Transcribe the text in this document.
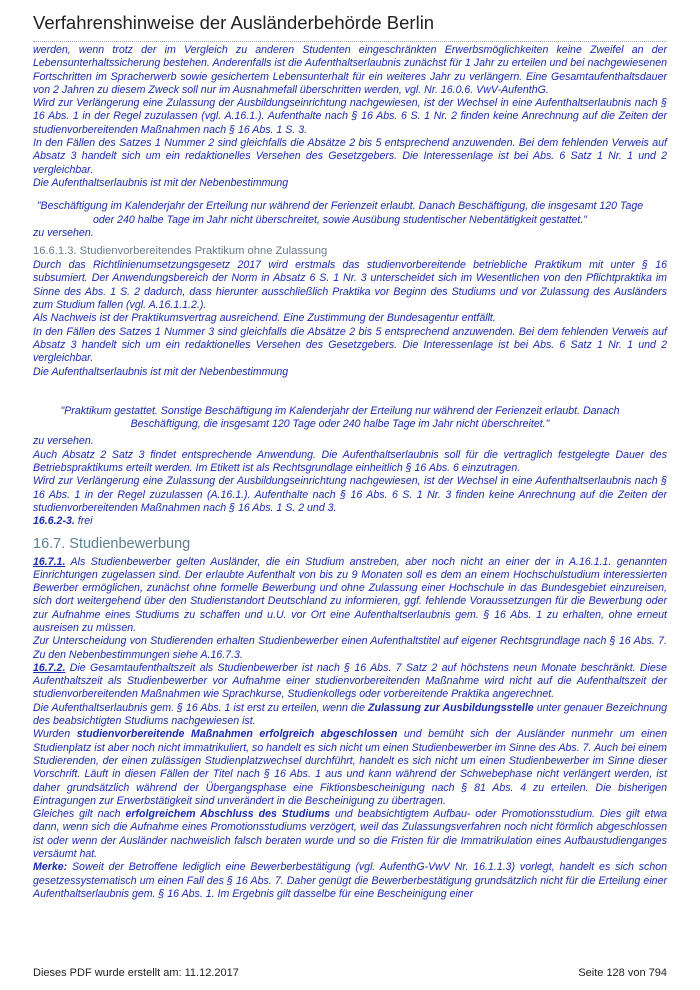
Verfahrenshinweise der Ausländerbehörde Berlin

werden, wenn trotz der im Vergleich zu anderen Studenten eingeschränkten Erwerbsmöglichkeiten keine Zweifel an der Lebensunterhaltssicherung bestehen. Anderenfalls ist die Aufenthaltserlaubnis zunächst für 1 Jahr zu erteilen und bei nachgewiesenen Fortschritten im Spracherwerb sowie gesichertem Lebensunterhalt für ein weiteres Jahr zu verlängern. Eine Gesamtaufenthaltsdauer von 2 Jahren zu diesem Zweck soll nur im Ausnahmefall überschritten werden, vgl. Nr. 16.0.6. VwV-AufenthG.

Wird zur Verlängerung eine Zulassung der Ausbildungseinrichtung nachgewiesen, ist der Wechsel in eine Aufenthaltserlaubnis nach § 16 Abs. 1 in der Regel zuzulassen (vgl. A.16.1.). Aufenthalte nach § 16 Abs. 6 S. 1 Nr. 2 finden keine Anrechnung auf die Zeiten der studienvorbereitenden Maßnahmen nach § 16 Abs. 1 S. 3.

In den Fällen des Satzes 1 Nummer 2 sind gleichfalls die Absätze 2 bis 5 entsprechend anzuwenden. Bei dem fehlenden Verweis auf Absatz 3 handelt sich um ein redaktionelles Versehen des Gesetzgebers. Die Interessenlage ist bei Abs. 6 Satz 1 Nr. 1 und 2 vergleichbar.

Die Aufenthaltserlaubnis ist mit der Nebenbestimmung

"Beschäftigung im Kalenderjahr der Erteilung nur während der Ferienzeit erlaubt. Danach Beschäftigung, die insgesamt 120 Tage oder 240 halbe Tage im Jahr nicht überschreitet, sowie Ausübung studentischer Nebentätigkeit gestattet."

zu versehen.

16.6.1.3. Studienvorbereitendes Praktikum ohne Zulassung

Durch das Richtlinienumsetzungsgesetz 2017 wird erstmals das studienvorbereitende betriebliche Praktikum mit unter § 16 subsumiert. Der Anwendungsbereich der Norm in Absatz 6 S. 1 Nr. 3 unterscheidet sich im Wesentlichen von den Pflichtpraktika im Sinne des Abs. 1 S. 2 dadurch, dass hierunter ausschließlich Praktika vor Beginn des Studiums und vor Zulassung des Ausländers zum Studium fallen (vgl. A.16.1.1.2.).

Als Nachweis ist der Praktikumsvertrag ausreichend. Eine Zustimmung der Bundesagentur entfällt.

In den Fällen des Satzes 1 Nummer 3 sind gleichfalls die Absätze 2 bis 5 entsprechend anzuwenden. Bei dem fehlenden Verweis auf Absatz 3 handelt sich um ein redaktionelles Versehen des Gesetzgebers. Die Interessenlage ist bei Abs. 6 Satz 1 Nr. 1 und 2 vergleichbar.

Die Aufenthaltserlaubnis ist mit der Nebenbestimmung

"Praktikum gestattet. Sonstige Beschäftigung im Kalenderjahr der Erteilung nur während der Ferienzeit erlaubt. Danach Beschäftigung, die insgesamt 120 Tage oder 240 halbe Tage im Jahr nicht überschreitet."

zu versehen.

Auch Absatz 2 Satz 3 findet entsprechende Anwendung. Die Aufenthaltserlaubnis soll für die vertraglich festgelegte Dauer des Betriebspraktikums erteilt werden. Im Etikett ist als Rechtsgrundlage einheitlich § 16 Abs. 6 einzutragen.

Wird zur Verlängerung eine Zulassung der Ausbildungseinrichtung nachgewiesen, ist der Wechsel in eine Aufenthaltserlaubnis nach § 16 Abs. 1 in der Regel zuzulassen (A.16.1.). Aufenthalte nach § 16 Abs. 6 S. 1 Nr. 3 finden keine Anrechnung auf die Zeiten der studienvorbereitenden Maßnahmen nach § 16 Abs. 1 S. 2 und 3.

16.6.2-3. frei

16.7. Studienbewerbung

16.7.1. Als Studienbewerber gelten Ausländer, die ein Studium anstreben, aber noch nicht an einer der in A.16.1.1. genannten Einrichtungen zugelassen sind. Der erlaubte Aufenthalt von bis zu 9 Monaten soll es dem an einem Hochschulstudium interessierten Bewerber ermöglichen, zunächst ohne formelle Bewerbung und ohne Zulassung einer Hochschule in das Bundesgebiet einzureisen, sich dort weitergehend über den Studienstandort Deutschland zu informieren, ggf. fehlende Voraussetzungen für die Bewerbung oder zur Aufnahme eines Studiums zu schaffen und u.U. vor Ort eine Aufenthaltserlaubnis gem. § 16 Abs. 1 zu erhalten, ohne erneut ausreisen zu müssen.

Zur Unterscheidung von Studierenden erhalten Studienbewerber einen Aufenthaltstitel auf eigener Rechtsgrundlage nach § 16 Abs. 7. Zu den Nebenbestimmungen siehe A.16.7.3.

16.7.2. Die Gesamtaufenthaltszeit als Studienbewerber ist nach § 16 Abs. 7 Satz 2 auf höchstens neun Monate beschränkt. Diese Aufenthaltszeit als Studienbewerber vor Aufnahme einer studienvorbereitenden Maßnahme wird nicht auf die Aufenthaltszeit der studienvorbereitenden Maßnahmen wie Sprachkurse, Studienkollegs oder vorbereitende Praktika angerechnet.

Die Aufenthaltserlaubnis gem. § 16 Abs. 1 ist erst zu erteilen, wenn die Zulassung zur Ausbildungsstelle unter genauer Bezeichnung des beabsichtigten Studiums nachgewiesen ist.

Wurden studienvorbereitende Maßnahmen erfolgreich abgeschlossen und bemüht sich der Ausländer nunmehr um einen Studienplatz ist aber noch nicht immatrikuliert, so handelt es sich nicht um einen Studienbewerber im Sinne des Abs. 7. Auch bei einem Studierenden, der einen zulässigen Studienplatzwechsel durchführt, handelt es sich nicht um einen Studienbewerber im Sinne dieser Vorschrift. Läuft in diesen Fällen der Titel nach § 16 Abs. 1 aus und kann während der Schwebephase nicht verlängert werden, ist daher grundsätzlich während der Übergangsphase eine Fiktionsbescheinigung nach § 81 Abs. 4 zu erteilen. Die bisherigen Eintragungen zur Erwerbstätigkeit sind unverändert in die Bescheinigung zu übertragen.

Gleiches gilt nach erfolgreichem Abschluss des Studiums und beabsichtigtem Aufbau- oder Promotionsstudium. Dies gilt etwa dann, wenn sich die Aufnahme eines Promotionsstudiums verzögert, weil das Zulassungsverfahren noch nicht förmlich abgeschlossen ist oder wenn der Ausländer nachweislich falsch beraten wurde und so die Fristen für die Immatrikulation eines Aufbaustudienganges versäumt hat.

Merke: Soweit der Betroffene lediglich eine Bewerberbestätigung (vgl. AufenthG-VwV Nr. 16.1.1.3) vorlegt, handelt es sich schon gesetzessystematisch um einen Fall des § 16 Abs. 7. Daher genügt die Bewerberbestätigung grundsätzlich nicht für die Erteilung einer Aufenthaltserlaubnis gem. § 16 Abs. 1. Im Ergebnis gilt dasselbe für eine Bescheinigung einer

Dieses PDF wurde erstellt am: 11.12.2017	Seite 128 von 794
